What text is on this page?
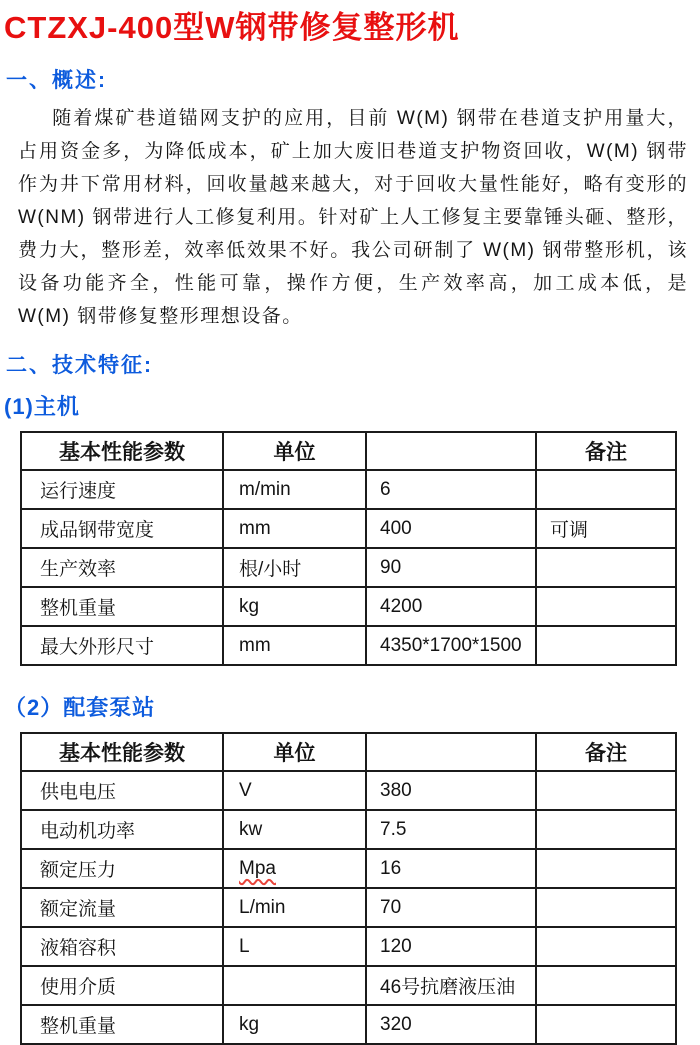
CTZXJ-400型W钢带修复整形机
一、概述:

随着煤矿巷道锚网支护的应用，目前 W(M) 钢带在巷道支护用量大，占用资金多，为降低成本，矿上加大废旧巷道支护物资回收，W(M) 钢带作为井下常用材料，回收量越来越大，对于回收大量性能好，略有变形的 W(NM) 钢带进行人工修复利用。针对矿上人工修复主要靠锤头砸、整形，费力大，整形差，效率低效果不好。我公司研制了 W(M) 钢带整形机，该设备功能齐全，性能可靠，操作方便，生产效率高，加工成本低，是 W(M) 钢带修复整形理想设备。

二、技术特征:
(1)主机
基本性能参数	单位		备注
运行速度	m/min	6	
成品钢带宽度	mm	400	可调
生产效率	根/小时	90	
整机重量	kg	4200	
最大外形尺寸	mm	4350*1700*1500	
（2）配套泵站
基本性能参数	单位		备注
供电电压	V	380	
电动机功率	kw	7.5	
额定压力	Mpa	16	
额定流量	L/min	70	
液箱容积	L	120	
使用介质		46号抗磨液压油	
整机重量	kg	320	
